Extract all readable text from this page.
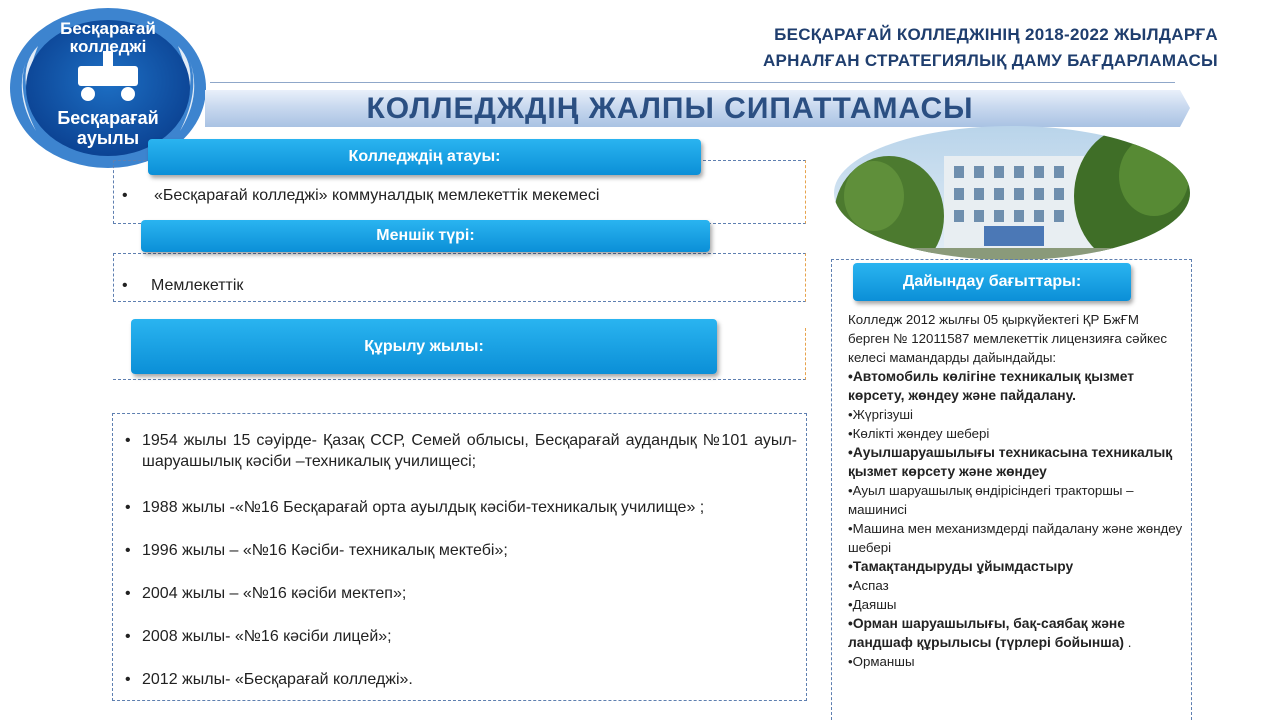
Бесқарағай
колледжі
Бесқарағай
ауылы
БЕСҚАРАҒАЙ КОЛЛЕДЖІНІҢ 2018-2022 ЖЫЛДАРҒА
АРНАЛҒАН СТРАТЕГИЯЛЫҚ ДАМУ БАҒДАРЛАМАСЫ
КОЛЛЕДЖДІҢ ЖАЛПЫ СИПАТТАМАСЫ
Колледждің атауы:
• «Бесқарағай колледжі» коммуналдық мемлекеттік мекемесі
Меншік түрі:
• Мемлекеттік
Құрылу жылы:
• 1954 жылы 15 сәуірде- Қазақ ССР, Семей облысы, Бесқарағай аудандық №101 ауыл- шаруашылық кәсіби –техникалық училищесі;
• 1988 жылы -«№16 Бесқарағай орта ауылдық кәсіби-техникалық училище» ;
• 1996 жылы – «№16 Кәсіби- техникалық мектебі»;
• 2004 жылы – «№16 кәсіби мектеп»;
• 2008 жылы- «№16 кәсіби лицей»;
• 2012 жылы- «Бесқарағай колледжі».
Дайындау бағыттары:
Колледж 2012 жылғы 05 қыркүйектегі ҚР БжҒМ берген № 12011587 мемлекеттік лицензияға сәйкес келесі мамандарды дайындайды:
•Автомобиль көлігіне техникалық қызмет көрсету, жөндеу және пайдалану.
•Жүргізуші
•Көлікті жөндеу шебері
•Ауылшаруашылығы техникасына техникалық қызмет көрсету және жөндеу
•Ауыл шаруашылық өндірісіндегі тракторшы –машинисі
•Машина мен механизмдерді пайдалану және жөндеу шебері
•Тамақтандыруды ұйымдастыру
•Аспаз
•Даяшы
•Орман шаруашылығы, бақ-саябақ және ландшаф құрылысы (түрлері бойынша) .
•Орманшы
